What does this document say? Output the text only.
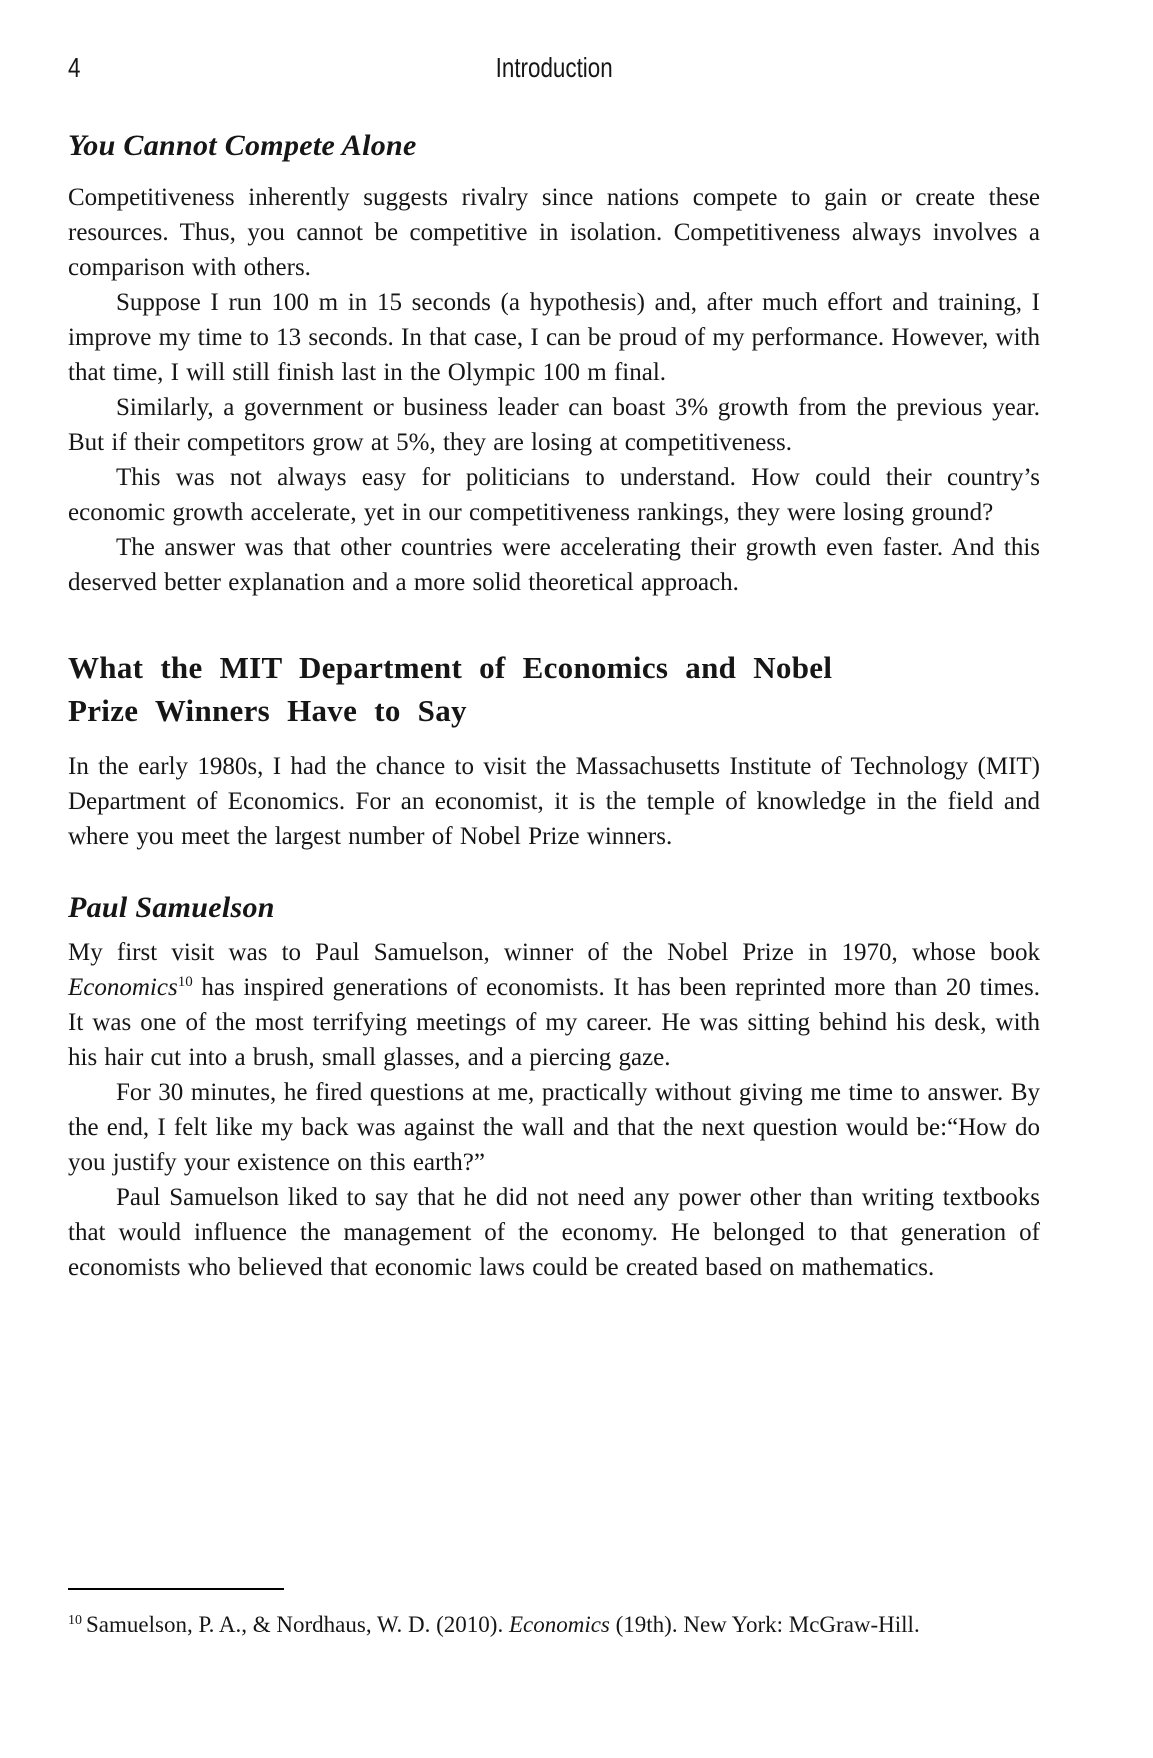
4	Introduction
You Cannot Compete Alone

Competitiveness inherently suggests rivalry since nations compete to gain or create these resources. Thus, you cannot be competitive in isolation. Competitiveness always involves a comparison with others.

Suppose I run 100 m in 15 seconds (a hypothesis) and, after much effort and training, I improve my time to 13 seconds. In that case, I can be proud of my performance. However, with that time, I will still finish last in the Olympic 100 m final.

Similarly, a government or business leader can boast 3% growth from the previous year. But if their competitors grow at 5%, they are losing at competitiveness.

This was not always easy for politicians to understand. How could their country’s economic growth accelerate, yet in our competitiveness rankings, they were losing ground?

The answer was that other countries were accelerating their growth even faster. And this deserved better explanation and a more solid theoretical approach.

What the MIT Department of Economics and Nobel
Prize Winners Have to Say

In the early 1980s, I had the chance to visit the Massachusetts Institute of Technology (MIT) Department of Economics. For an economist, it is the temple of knowledge in the field and where you meet the largest number of Nobel Prize winners.

Paul Samuelson

My first visit was to Paul Samuelson, winner of the Nobel Prize in 1970, whose book Economics$^{10}$ has inspired generations of economists. It has been reprinted more than 20 times. It was one of the most terrifying meetings of my career. He was sitting behind his desk, with his hair cut into a brush, small glasses, and a piercing gaze.

For 30 minutes, he fired questions at me, practically without giving me time to answer. By the end, I felt like my back was against the wall and that the next question would be:“How do you justify your existence on this earth?”

Paul Samuelson liked to say that he did not need any power other than writing textbooks that would influence the management of the economy. He belonged to that generation of economists who believed that economic laws could be created based on mathematics.

$^{10}$ Samuelson, P. A., & Nordhaus, W. D. (2010). Economics (19th). New York: McGraw-Hill.
